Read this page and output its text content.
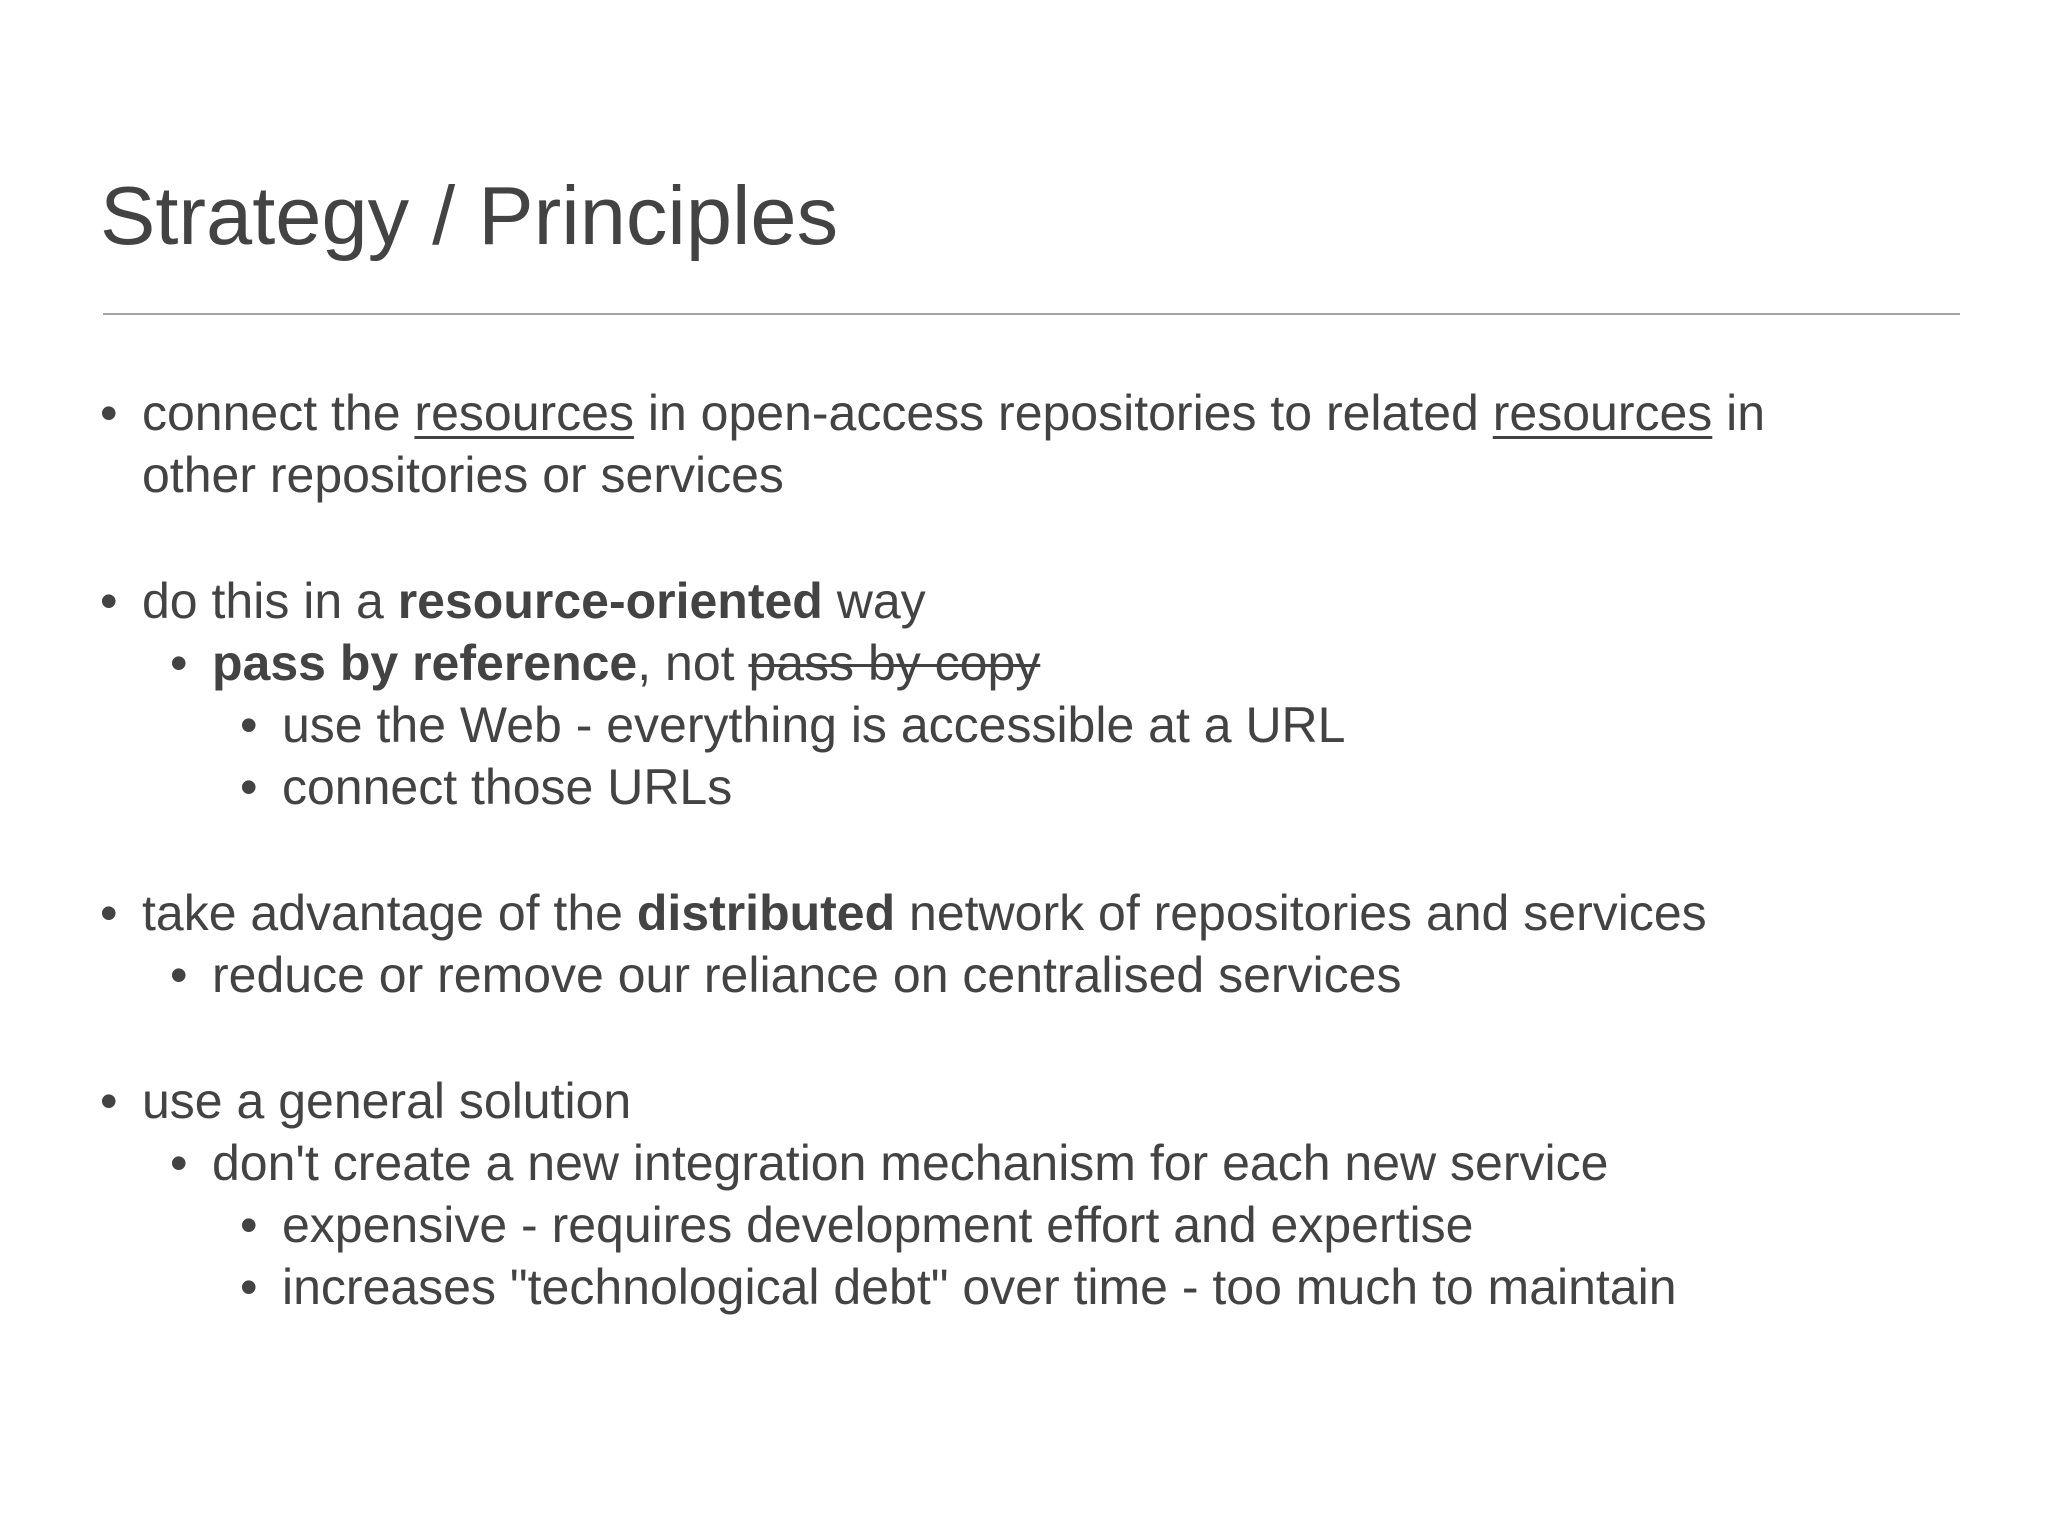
Strategy / Principles
• connect the resources in open-access repositories to related resources in
other repositories or services
• do this in a resource-oriented way
• pass by reference, not pass by copy
• use the Web - everything is accessible at a URL
• connect those URLs
• take advantage of the distributed network of repositories and services
• reduce or remove our reliance on centralised services
• use a general solution
• don't create a new integration mechanism for each new service
• expensive - requires development effort and expertise
• increases "technological debt" over time - too much to maintain
